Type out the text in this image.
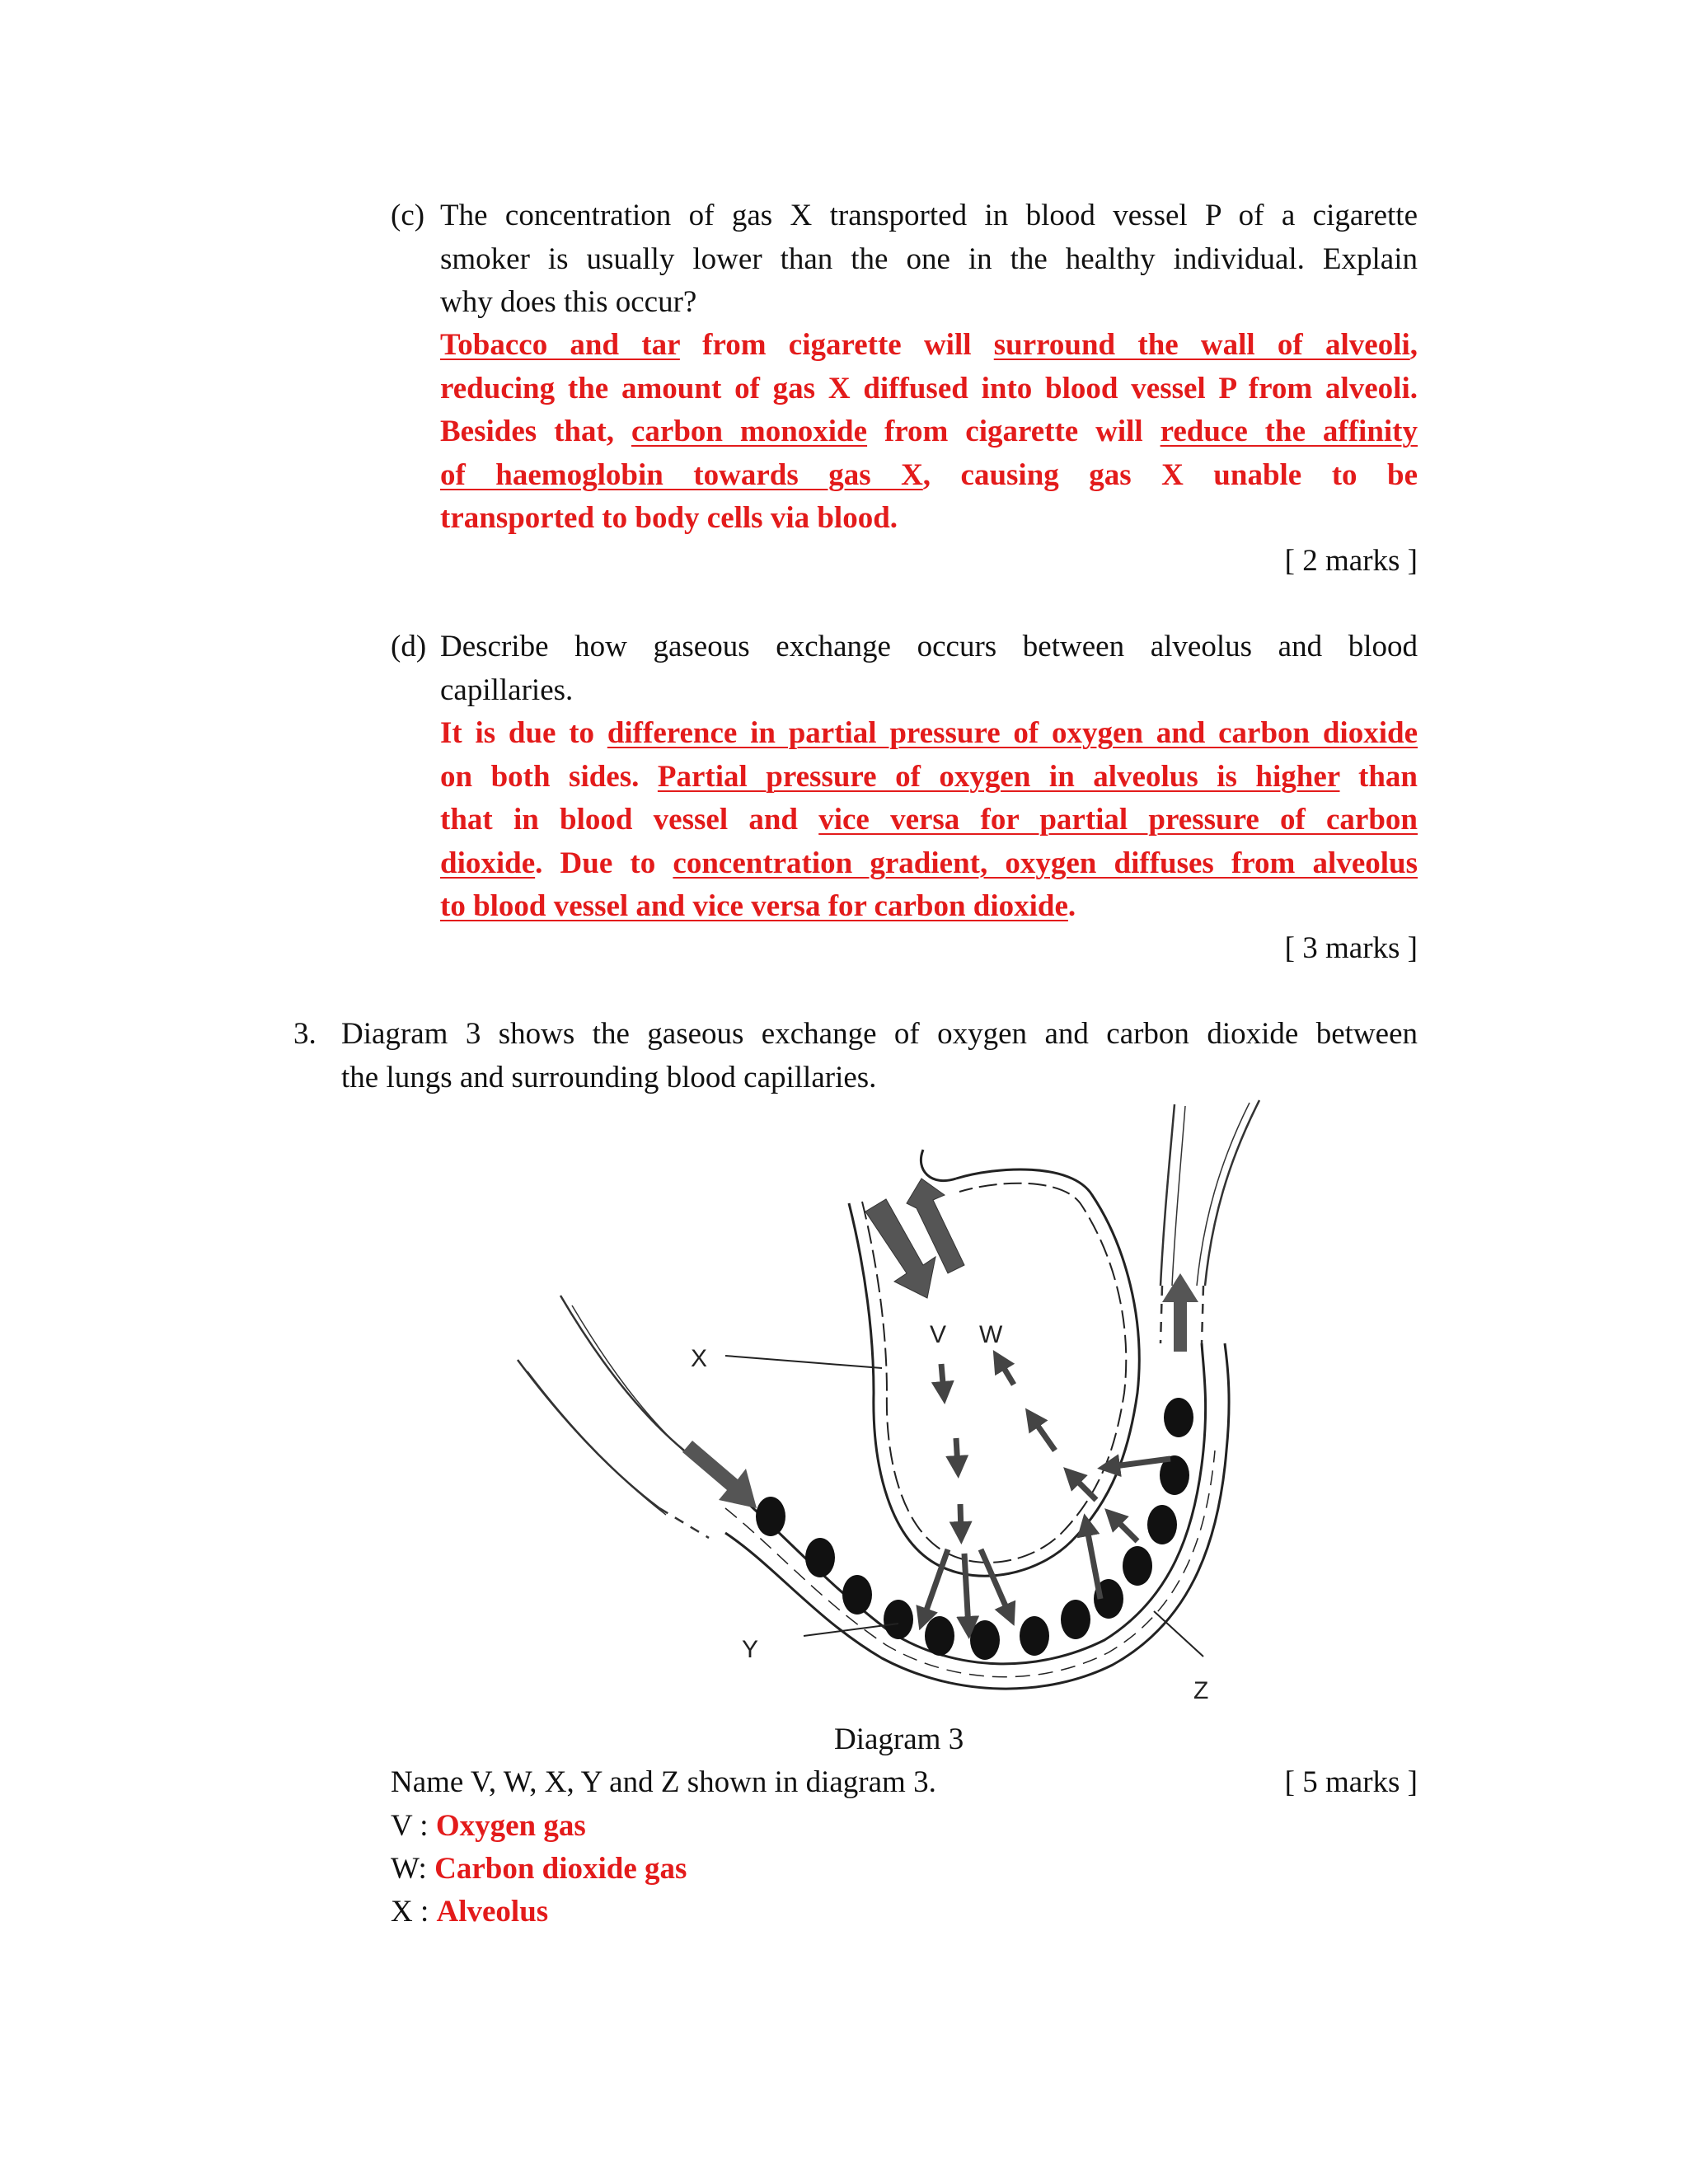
(c) The concentration of gas X transported in blood vessel P of a cigarette
smoker is usually lower than the one in the healthy individual. Explain
why does this occur?
Tobacco and tar from cigarette will surround the wall of alveoli,
reducing the amount of gas X diffused into blood vessel P from alveoli.
Besides that, carbon monoxide from cigarette will reduce the affinity
of haemoglobin towards gas X, causing gas X unable to be
transported to body cells via blood.
[ 2 marks ]
(d) Describe how gaseous exchange occurs between alveolus and blood
capillaries.
It is due to difference in partial pressure of oxygen and carbon dioxide
on both sides. Partial pressure of oxygen in alveolus is higher than
that in blood vessel and vice versa for partial pressure of carbon
dioxide. Due to concentration gradient, oxygen diffuses from alveolus
to blood vessel and vice versa for carbon dioxide.
[ 3 marks ]
3. Diagram 3 shows the gaseous exchange of oxygen and carbon dioxide between
the lungs and surrounding blood capillaries.
V W
X
Y
Z
Diagram 3
Name V, W, X, Y and Z shown in diagram 3.	[ 5 marks ]
V : Oxygen gas
W: Carbon dioxide gas
X : Alveolus
